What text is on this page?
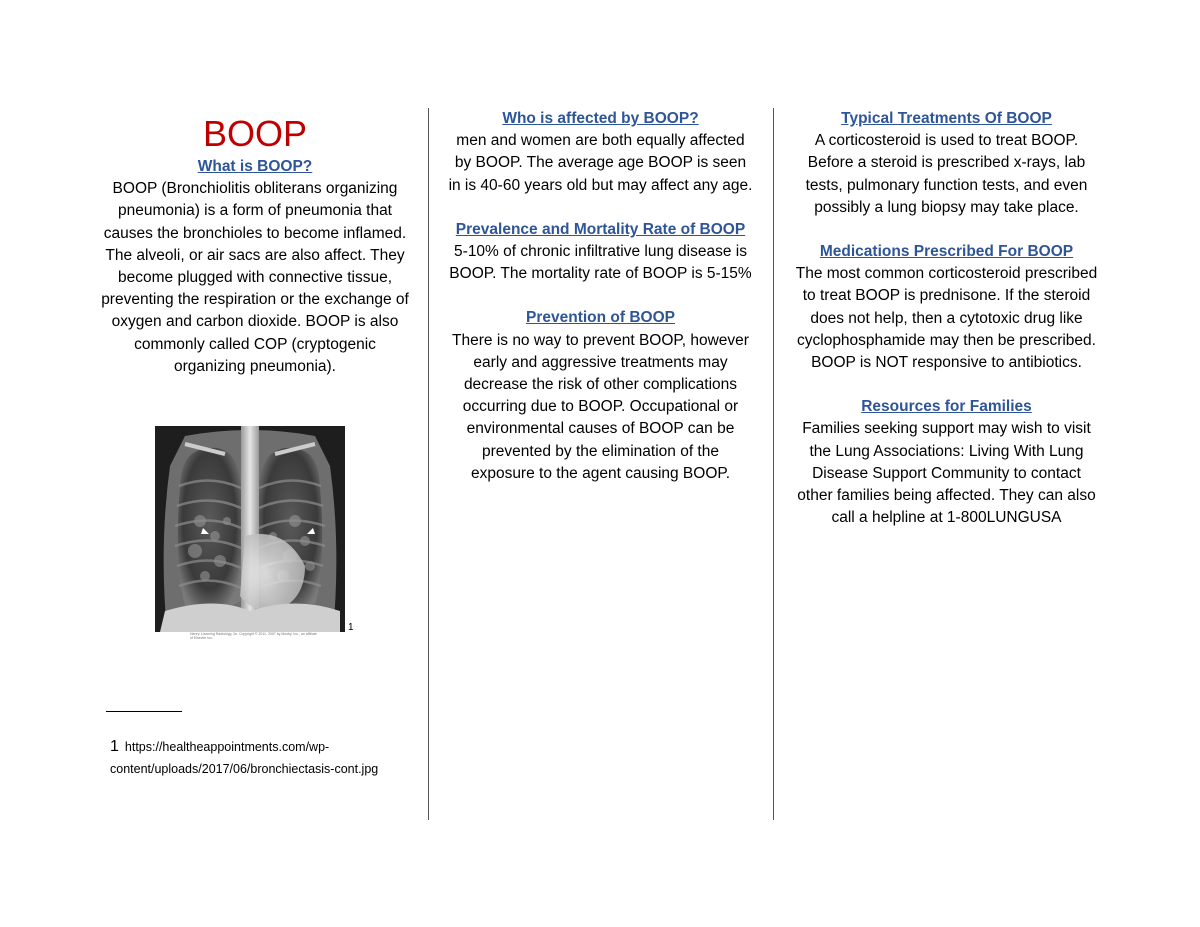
BOOP
What is BOOP?

BOOP (Bronchiolitis obliterans organizing pneumonia) is a form of pneumonia that causes the bronchioles to become inflamed. The alveoli, or air sacs are also affect. They become plugged with connective tissue, preventing the respiration or the exchange of oxygen and carbon dioxide. BOOP is also commonly called COP (cryptogenic organizing pneumonia).

1
Henry: Learning Radiology, 2e. Copyright © 2011, 2007 by Mosby, Inc., an affiliate of Elsevier Inc.
1 https://healtheappointments.com/wp-content/uploads/2017/06/bronchiectasis-cont.jpg
Who is affected by BOOP?

men and women are both equally affected by BOOP. The average age BOOP is seen in is 40-60 years old but may affect any age.

Prevalence and Mortality Rate of BOOP

5-10% of chronic infiltrative lung disease is BOOP. The mortality rate of BOOP is 5-15%

Prevention of BOOP

There is no way to prevent BOOP, however early and aggressive treatments may decrease the risk of other complications occurring due to BOOP. Occupational or environmental causes of BOOP can be prevented by the elimination of the exposure to the agent causing BOOP.

Typical Treatments Of BOOP

A corticosteroid is used to treat BOOP. Before a steroid is prescribed x-rays, lab tests, pulmonary function tests, and even possibly a lung biopsy may take place.

Medications Prescribed For BOOP

The most common corticosteroid prescribed to treat BOOP is prednisone. If the steroid does not help, then a cytotoxic drug like cyclophosphamide may then be prescribed. BOOP is NOT responsive to antibiotics.

Resources for Families

Families seeking support may wish to visit the Lung Associations: Living With Lung Disease Support Community to contact other families being affected. They can also call a helpline at 1-800LUNGUSA
